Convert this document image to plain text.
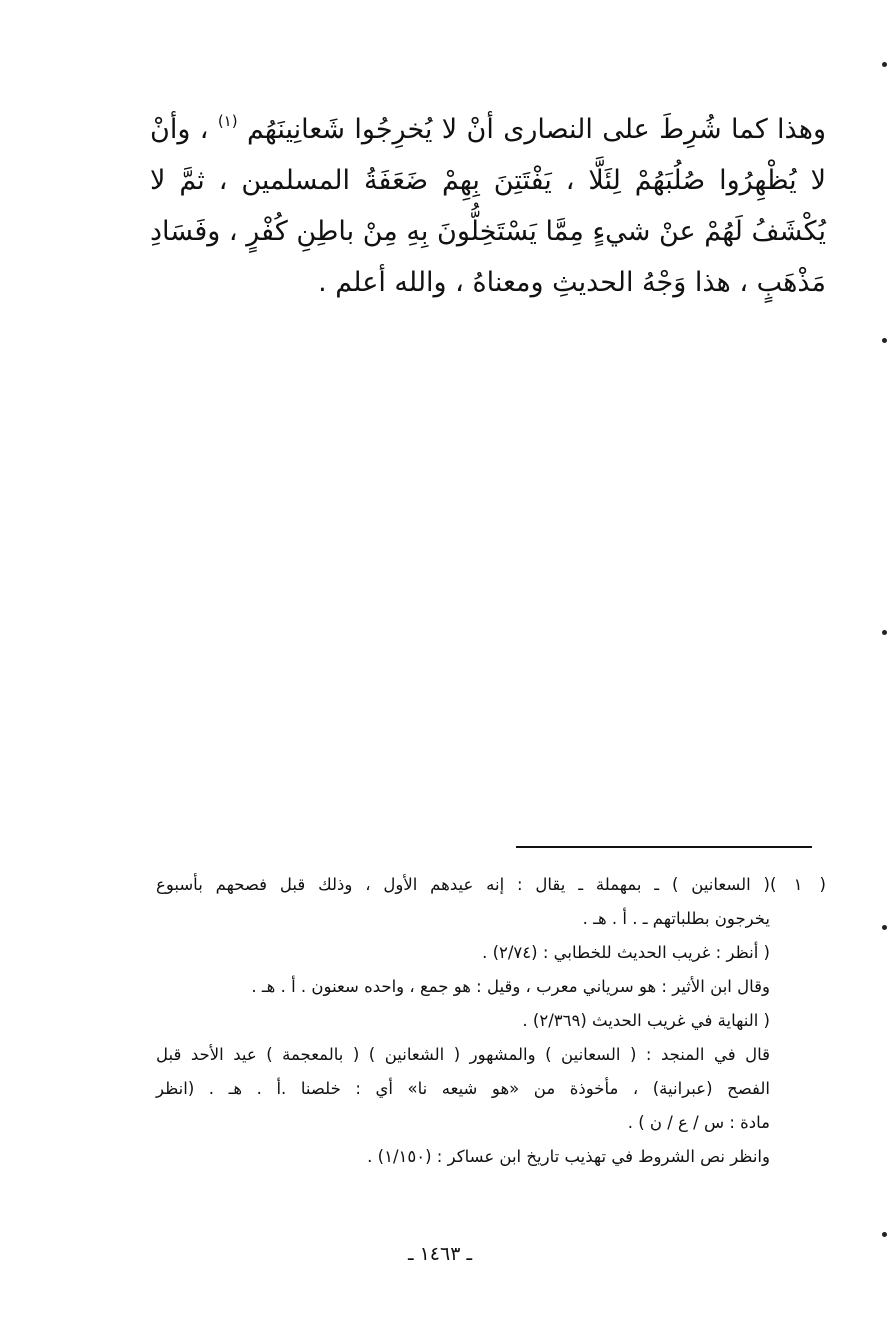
وهذا كما شُرِطَ على النصارى أنْ لا يُخرِجُوا شَعانِينَهُم $^{(١)}$ ، وأنْ لا يُظْهِرُوا صُلُبَهُمْ لِئَلَّا ، يَفْتَتِنَ بِهِمْ ضَعَفَةُ المسلمين ، ثمَّ لا يُكْشَفُ لَهُمْ عنْ شيءٍ مِمَّا يَسْتَخِلُّونَ بِهِ مِنْ باطِنِ كُفْرٍ ، وفَسَادِ مَذْهَبٍ ، هذا وَجْهُ الحديثِ ومعناهُ ، والله أعلم .

( ١ )( السعانين ) ـ بمهملة ـ يقال : إنه عيدهم الأول ، وذلك قبل فصحهم بأسبوع

يخرجون بطلباتهم ـ . أ . هـ .

( أنظر : غريب الحديث للخطابي : (٢/٧٤) .

وقال ابن الأثير : هو سرياني معرب ، وقيل : هو جمع ، واحده سعنون . أ . هـ .

( النهاية في غريب الحديث (٢/٣٦٩) .

قال في المنجد : ( السعانين ) والمشهور ( الشعانين ) ( بالمعجمة ) عيد الأحد قبل

الفصح (عبرانية) ، مأخوذة من «هو شيعه نا» أي : خلصنا .أ . هـ . (انظر

مادة : س / ع / ن ) .

وانظر نص الشروط في تهذيب تاريخ ابن عساكر : (١/١٥٠) .

ـ ١٤٦٣ ـ
